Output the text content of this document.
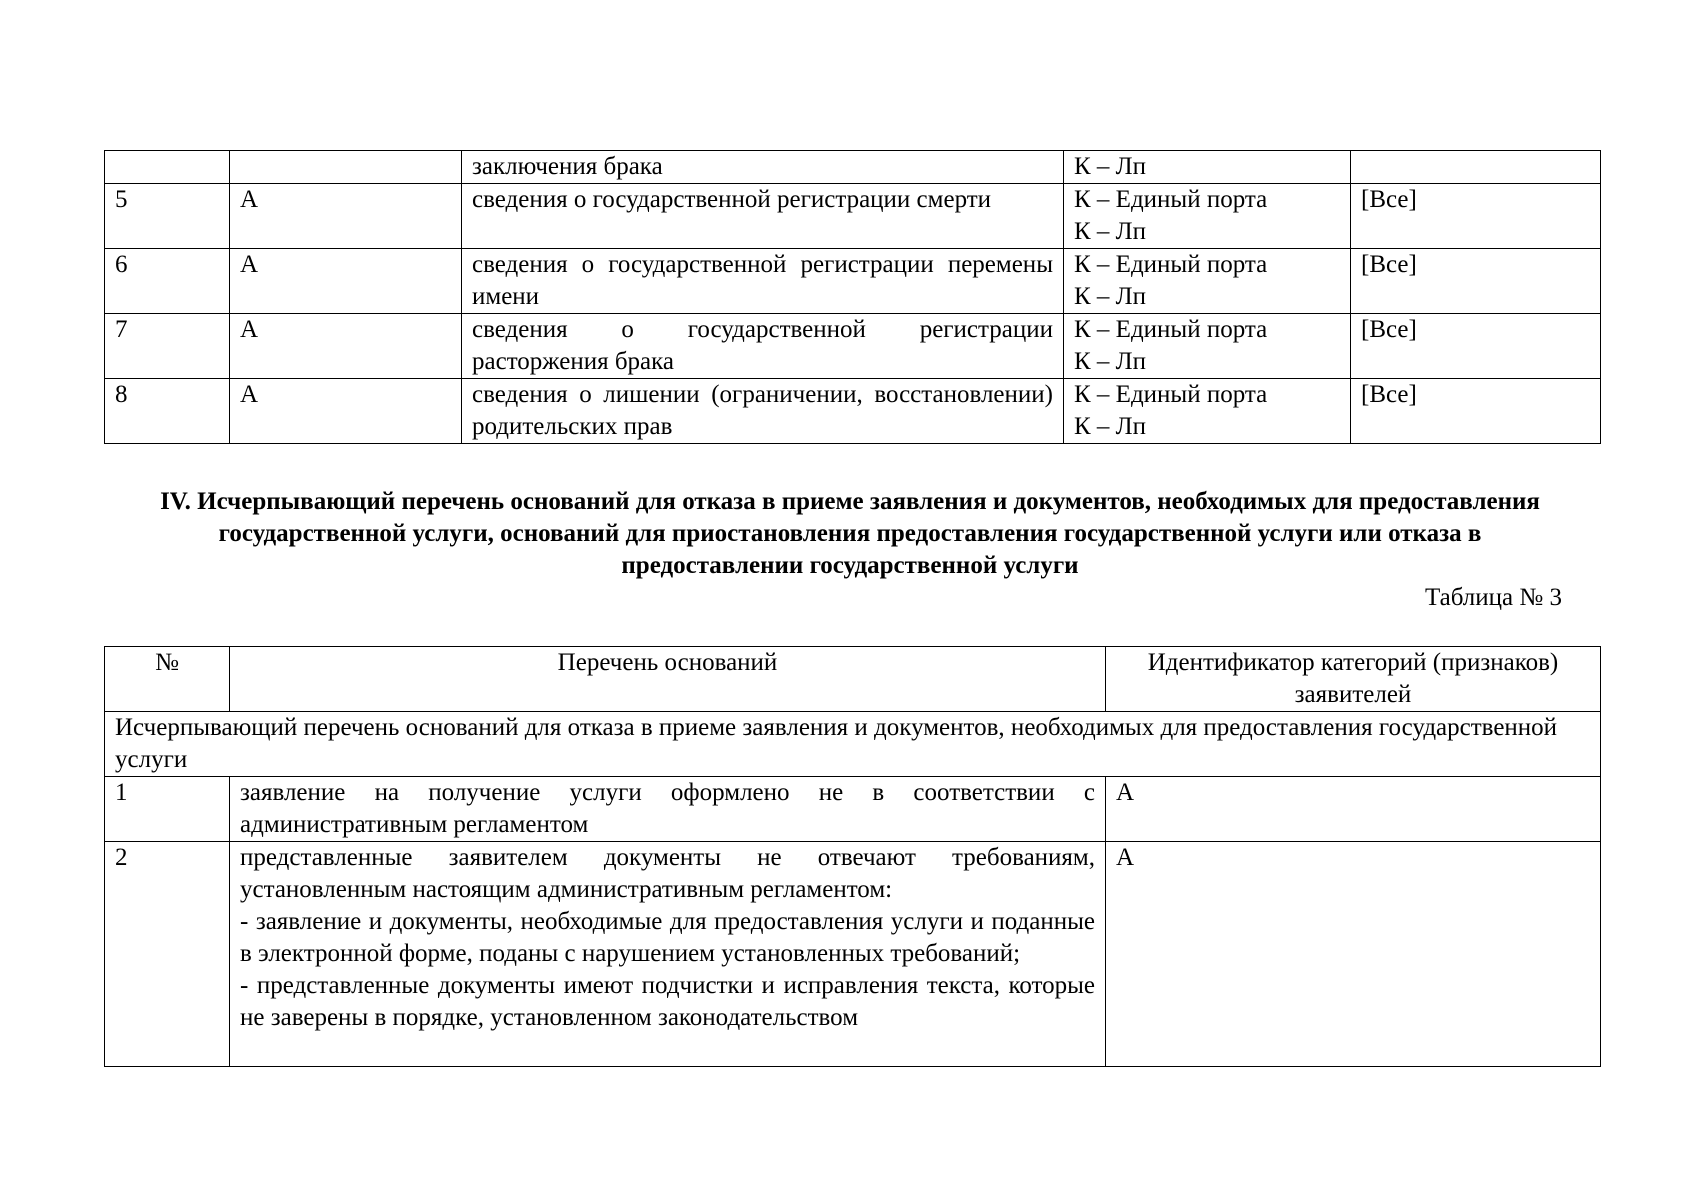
		заключения брака	К – Лп	

5	А	сведения о государственной регистрации смерти	К – Единый порта
К – Лп	[Все]
6	А	сведения о государственной регистрации перемены имени	К – Единый порта
К – Лп	[Все]
7	А	сведения о государственной регистрации расторжения брака	К – Единый порта
К – Лп	[Все]
8	А	сведения о лишении (ограничении, восстановлении) родительских прав	К – Единый порта
К – Лп	[Все]
IV. Исчерпывающий перечень оснований для отказа в приеме заявления и документов, необходимых для предоставления государственной услуги, оснований для приостановления предоставления государственной услуги или отказа в предоставлении государственной услуги
Таблица № 3
№	Перечень оснований	Идентификатор категорий (признаков) заявителей
Исчерпывающий перечень оснований для отказа в приеме заявления и документов, необходимых для предоставления государственной услуги		
1	заявление на получение услуги оформлено не в соответствии с административным регламентом	А
2	представленные заявителем документы не отвечают требованиям, установленным настоящим административным регламентом:

- заявление и документы, необходимые для предоставления услуги и поданные в электронной форме, поданы с нарушением установленных требований;

- представленные документы имеют подчистки и исправления текста, которые не заверены в порядке, установленном законодательством	А
